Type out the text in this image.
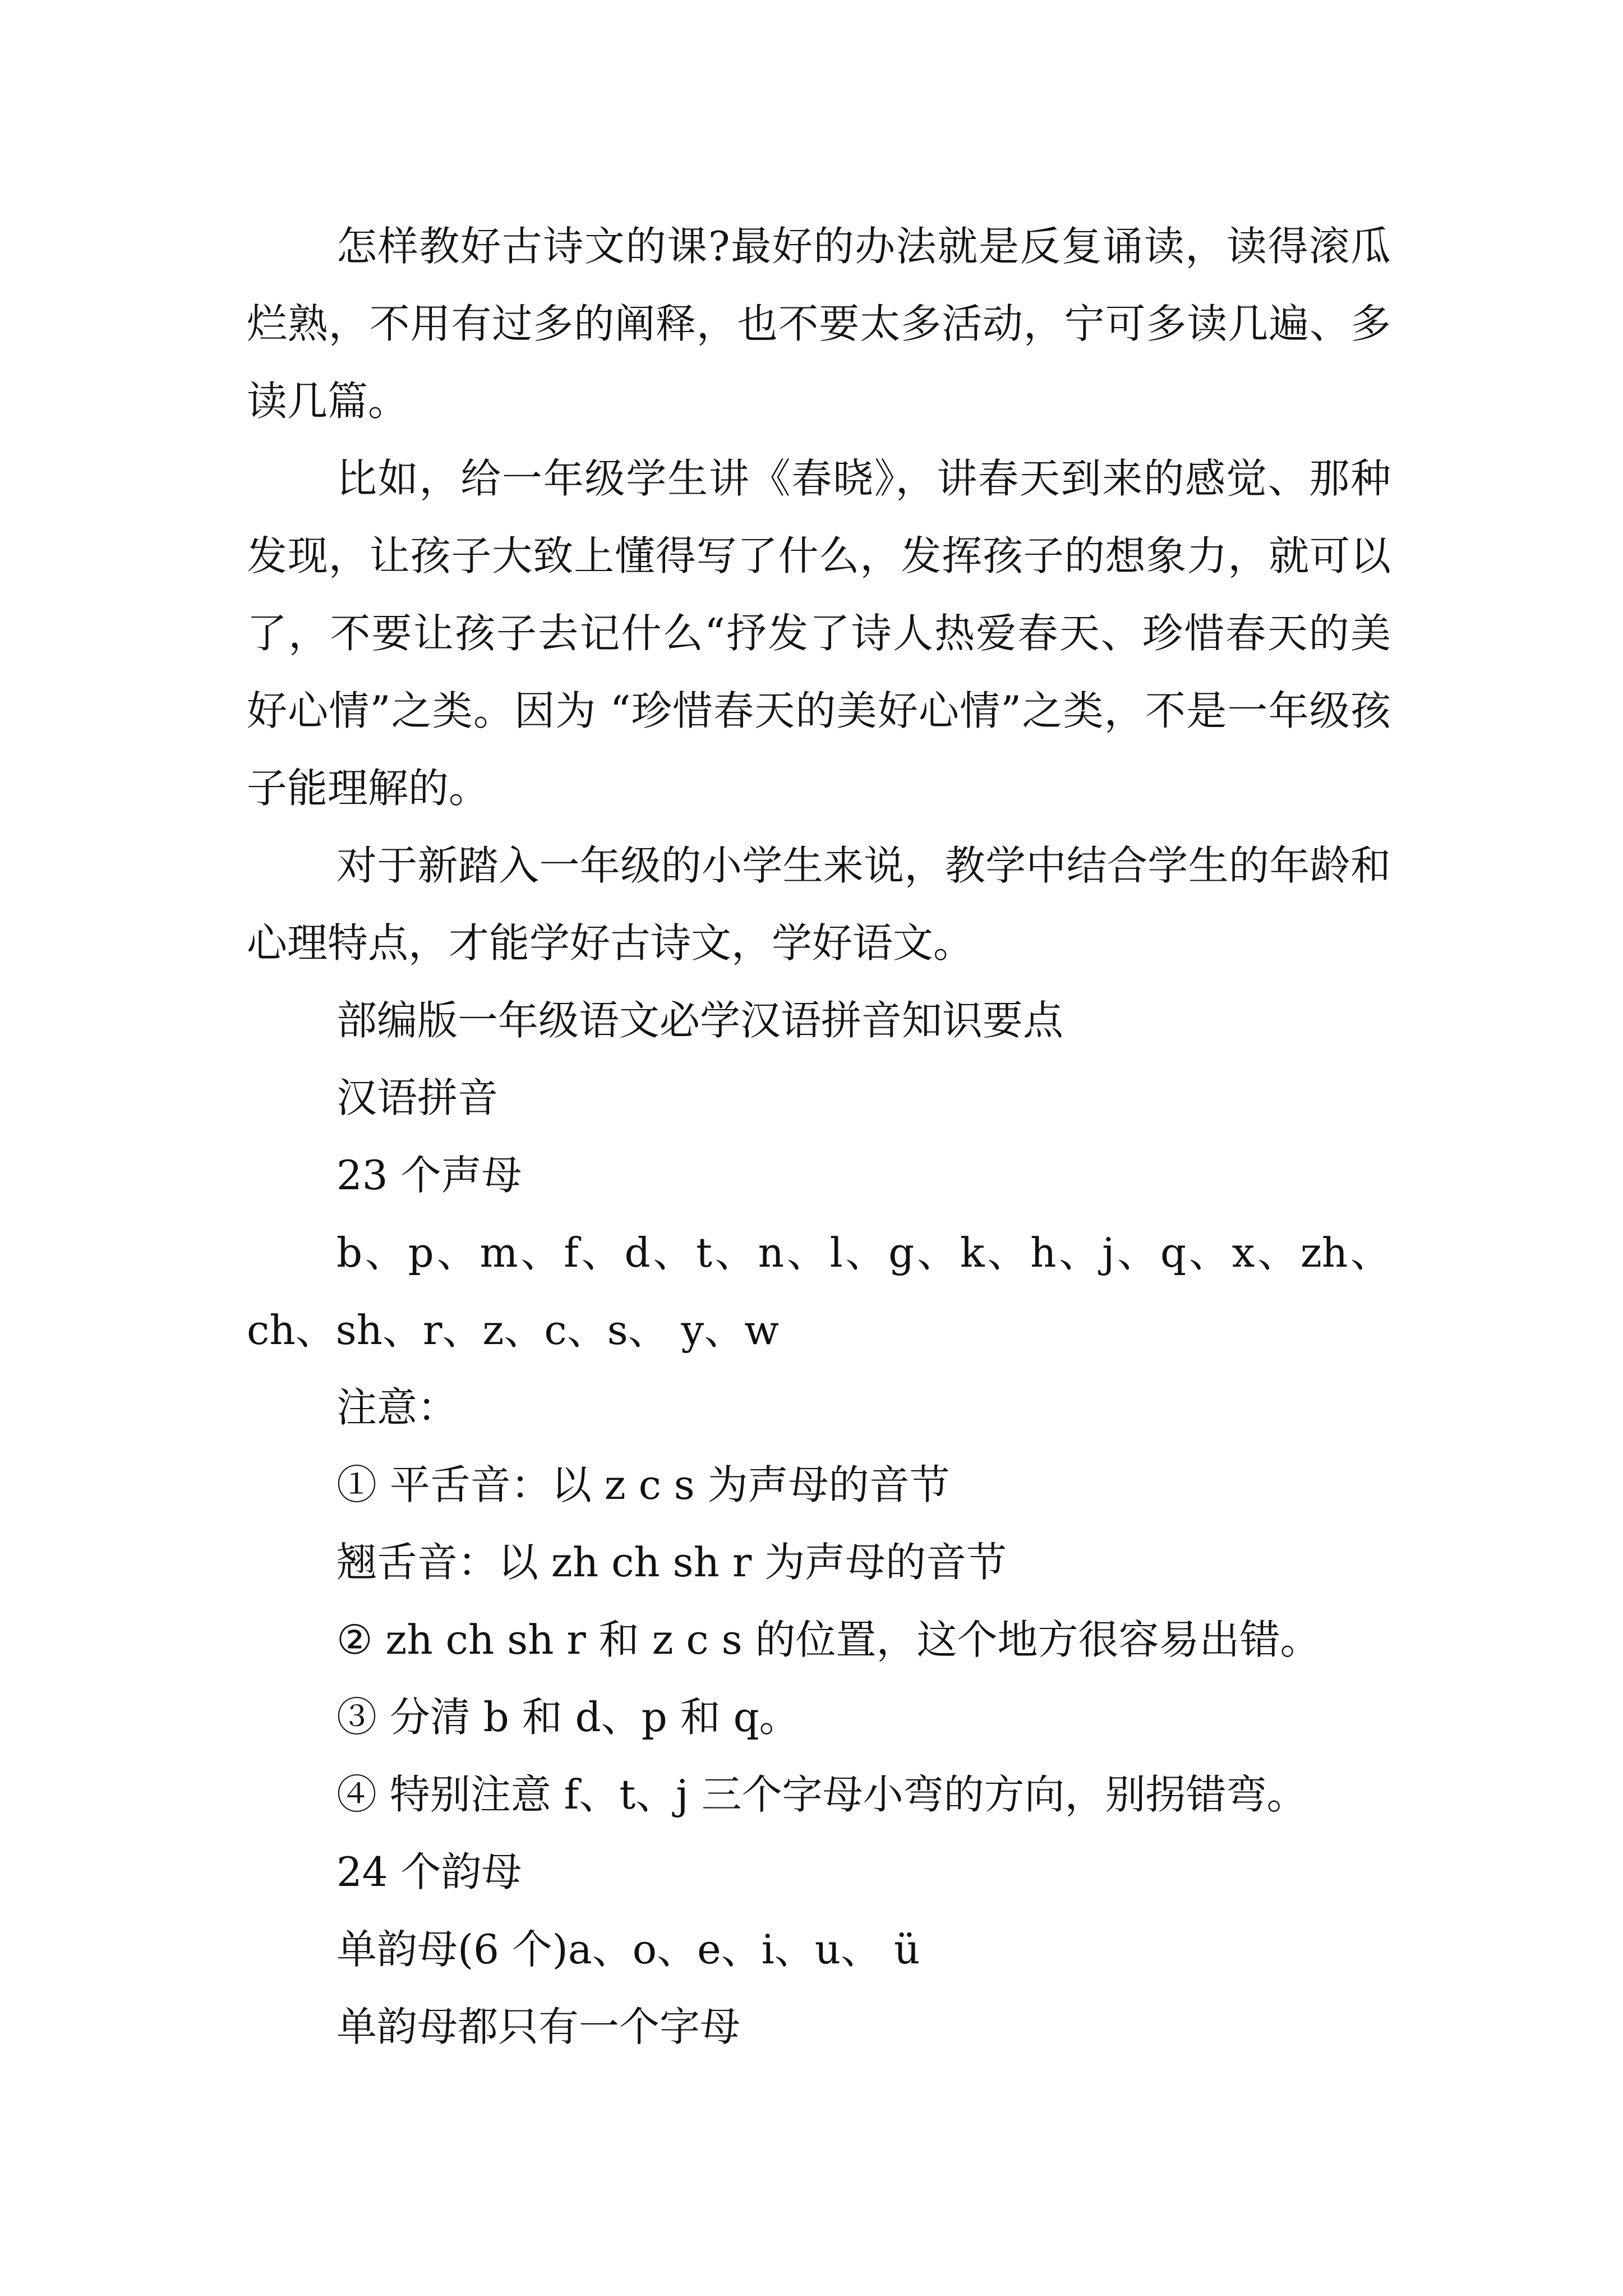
怎样教好古诗文的课?最好的办法就是反复诵读，读得滚瓜烂熟，不用有过多的阐释，也不要太多活动，宁可多读几遍、多读几篇。

比如，给一年级学生讲《春晓》，讲春天到来的感觉、那种发现，让孩子大致上懂得写了什么，发挥孩子的想象力，就可以了，不要让孩子去记什么“抒发了诗人热爱春天、珍惜春天的美好心情”之类。因为 “珍惜春天的美好心情”之类，不是一年级孩子能理解的。

对于新踏入一年级的小学生来说，教学中结合学生的年龄和心理特点，才能学好古诗文，学好语文。

部编版一年级语文必学汉语拼音知识要点

汉语拼音

23 个声母

b、p、m、f、d、t、n、l、g、k、h、j、q、x、zh、ch、sh、r、z、c、s、 y、w

注意：

① 平舌音：以 z c s 为声母的音节

翘舌音：以 zh ch sh r 为声母的音节

② zh ch sh r 和 z c s 的位置，这个地方很容易出错。

③ 分清 b 和 d、p 和 q。

④ 特别注意 f、t、j 三个字母小弯的方向，别拐错弯。

24 个韵母

单韵母(6 个)a、o、e、i、u、 ü

单韵母都只有一个字母
